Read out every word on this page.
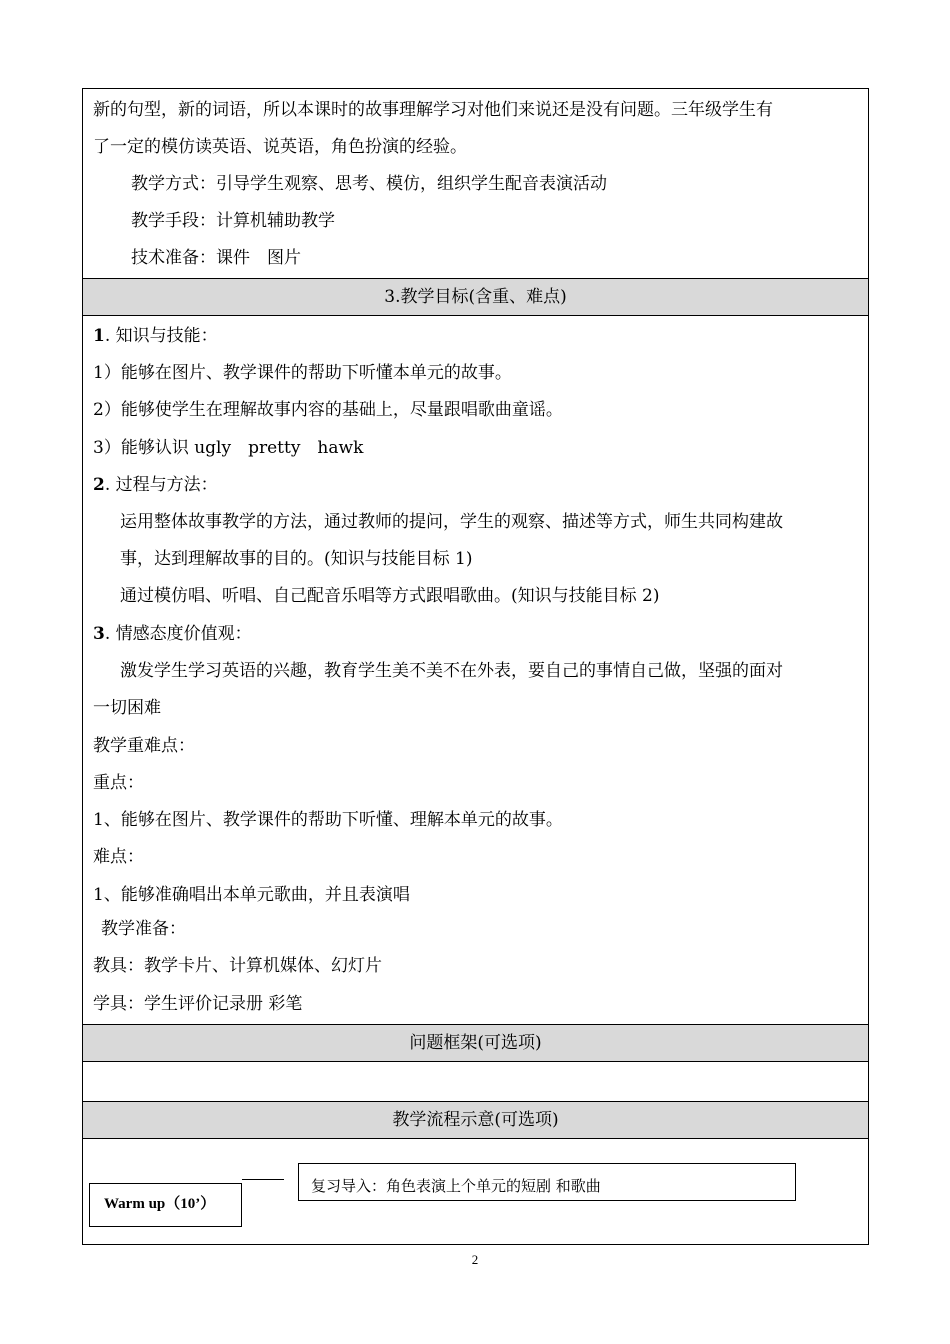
新的句型，新的词语，所以本课时的故事理解学习对他们来说还是没有问题。三年级学生有
了一定的模仿读英语、说英语，角色扮演的经验。
教学方式：引导学生观察、思考、模仿，组织学生配音表演活动
教学手段：计算机辅助教学
技术准备：课件　图片
3.教学目标(含重、难点)
1. 知识与技能：
1）能够在图片、教学课件的帮助下听懂本单元的故事。
2）能够使学生在理解故事内容的基础上，尽量跟唱歌曲童谣。
3）能够认识 ugly　pretty　hawk
2. 过程与方法：
运用整体故事教学的方法，通过教师的提问，学生的观察、描述等方式，师生共同构建故
事，达到理解故事的目的。(知识与技能目标 1)
通过模仿唱、听唱、自己配音乐唱等方式跟唱歌曲。(知识与技能目标 2)
3. 情感态度价值观：
激发学生学习英语的兴趣，教育学生美不美不在外表，要自己的事情自己做，坚强的面对
一切困难
教学重难点：
重点：
1、能够在图片、教学课件的帮助下听懂、理解本单元的故事。
难点：
1、能够准确唱出本单元歌曲，并且表演唱
教学准备：
教具：教学卡片、计算机媒体、幻灯片
学具：学生评价记录册 彩笔
问题框架(可选项)
教学流程示意(可选项)
Warm up（10’）
复习导入：角色表演上个单元的短剧 和歌曲
2
